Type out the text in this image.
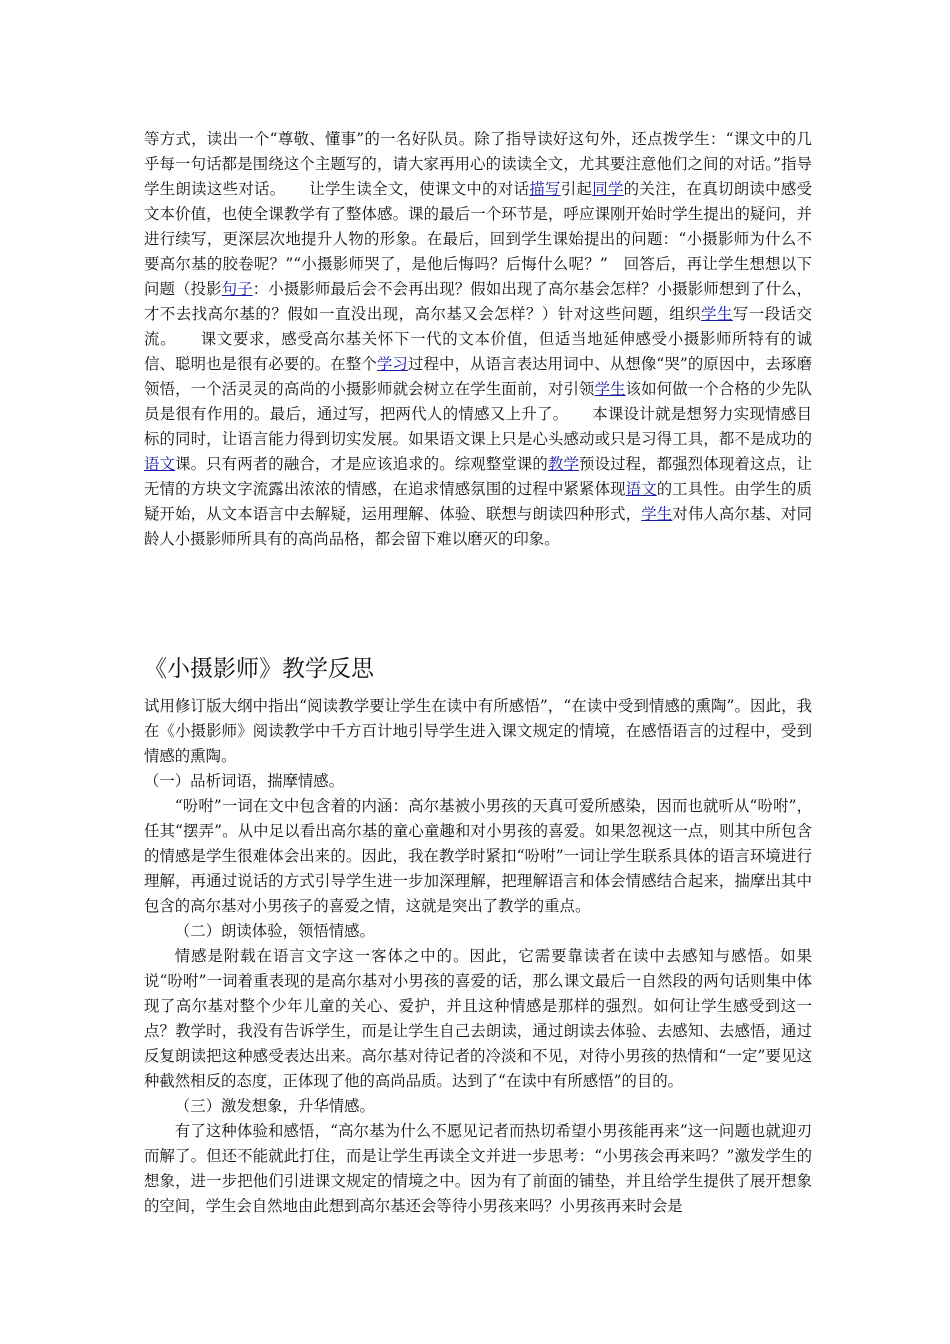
等方式，读出一个“尊敬、懂事”的一名好队员。除了指导读好这句外，还点拨学生：“课文中的几乎每一句话都是围绕这个主题写的，请大家再用心的读读全文，尤其要注意他们之间的对话。”指导学生朗读这些对话。　　让学生读全文，使课文中的对话描写引起同学的关注，在真切朗读中感受文本价值，也使全课教学有了整体感。课的最后一个环节是，呼应课刚开始时学生提出的疑问，并进行续写，更深层次地提升人物的形象。在最后，回到学生课始提出的问题：“小摄影师为什么不要高尔基的胶卷呢？”“小摄影师哭了，是他后悔吗？后悔什么呢？”　回答后，再让学生想想以下问题（投影句子：小摄影师最后会不会再出现？假如出现了高尔基会怎样？小摄影师想到了什么，才不去找高尔基的？假如一直没出现，高尔基又会怎样？）针对这些问题，组织学生写一段话交流。　　课文要求，感受高尔基关怀下一代的文本价值，但适当地延伸感受小摄影师所特有的诚信、聪明也是很有必要的。在整个学习过程中，从语言表达用词中、从想像“哭”的原因中，去琢磨领悟，一个活灵灵的高尚的小摄影师就会树立在学生面前，对引领学生该如何做一个合格的少先队员是很有作用的。最后，通过写，把两代人的情感又上升了。　　本课设计就是想努力实现情感目标的同时，让语言能力得到切实发展。如果语文课上只是心头感动或只是习得工具，都不是成功的语文课。只有两者的融合，才是应该追求的。综观整堂课的教学预设过程，都强烈体现着这点，让无情的方块文字流露出浓浓的情感，在追求情感氛围的过程中紧紧体现语文的工具性。由学生的质疑开始，从文本语言中去解疑，运用理解、体验、联想与朗读四种形式，学生对伟人高尔基、对同龄人小摄影师所具有的高尚品格，都会留下难以磨灭的印象。

《小摄影师》教学反思

试用修订版大纲中指出“阅读教学要让学生在读中有所感悟”，“在读中受到情感的熏陶”。因此，我在《小摄影师》阅读教学中千方百计地引导学生进入课文规定的情境，在感悟语言的过程中，受到情感的熏陶。

（一）品析词语，揣摩情感。

“吩咐”一词在文中包含着的内涵：高尔基被小男孩的天真可爱所感染，因而也就听从“吩咐”，任其“摆弄”。从中足以看出高尔基的童心童趣和对小男孩的喜爱。如果忽视这一点，则其中所包含的情感是学生很难体会出来的。因此，我在教学时紧扣“吩咐”一词让学生联系具体的语言环境进行理解，再通过说话的方式引导学生进一步加深理解，把理解语言和体会情感结合起来，揣摩出其中包含的高尔基对小男孩子的喜爱之情，这就是突出了教学的重点。

（二）朗读体验，领悟情感。

情感是附载在语言文字这一客体之中的。因此，它需要靠读者在读中去感知与感悟。如果说“吩咐”一词着重表现的是高尔基对小男孩的喜爱的话，那么课文最后一自然段的两句话则集中体现了高尔基对整个少年儿童的关心、爱护，并且这种情感是那样的强烈。如何让学生感受到这一点？教学时，我没有告诉学生，而是让学生自己去朗读，通过朗读去体验、去感知、去感悟，通过反复朗读把这种感受表达出来。高尔基对待记者的冷淡和不见，对待小男孩的热情和“一定”要见这种截然相反的态度，正体现了他的高尚品质。达到了“在读中有所感悟”的目的。

（三）激发想象，升华情感。

有了这种体验和感悟，“高尔基为什么不愿见记者而热切希望小男孩能再来”这一问题也就迎刃而解了。但还不能就此打住，而是让学生再读全文并进一步思考：“小男孩会再来吗？”激发学生的想象，进一步把他们引进课文规定的情境之中。因为有了前面的铺垫，并且给学生提供了展开想象的空间，学生会自然地由此想到高尔基还会等待小男孩来吗？小男孩再来时会是
